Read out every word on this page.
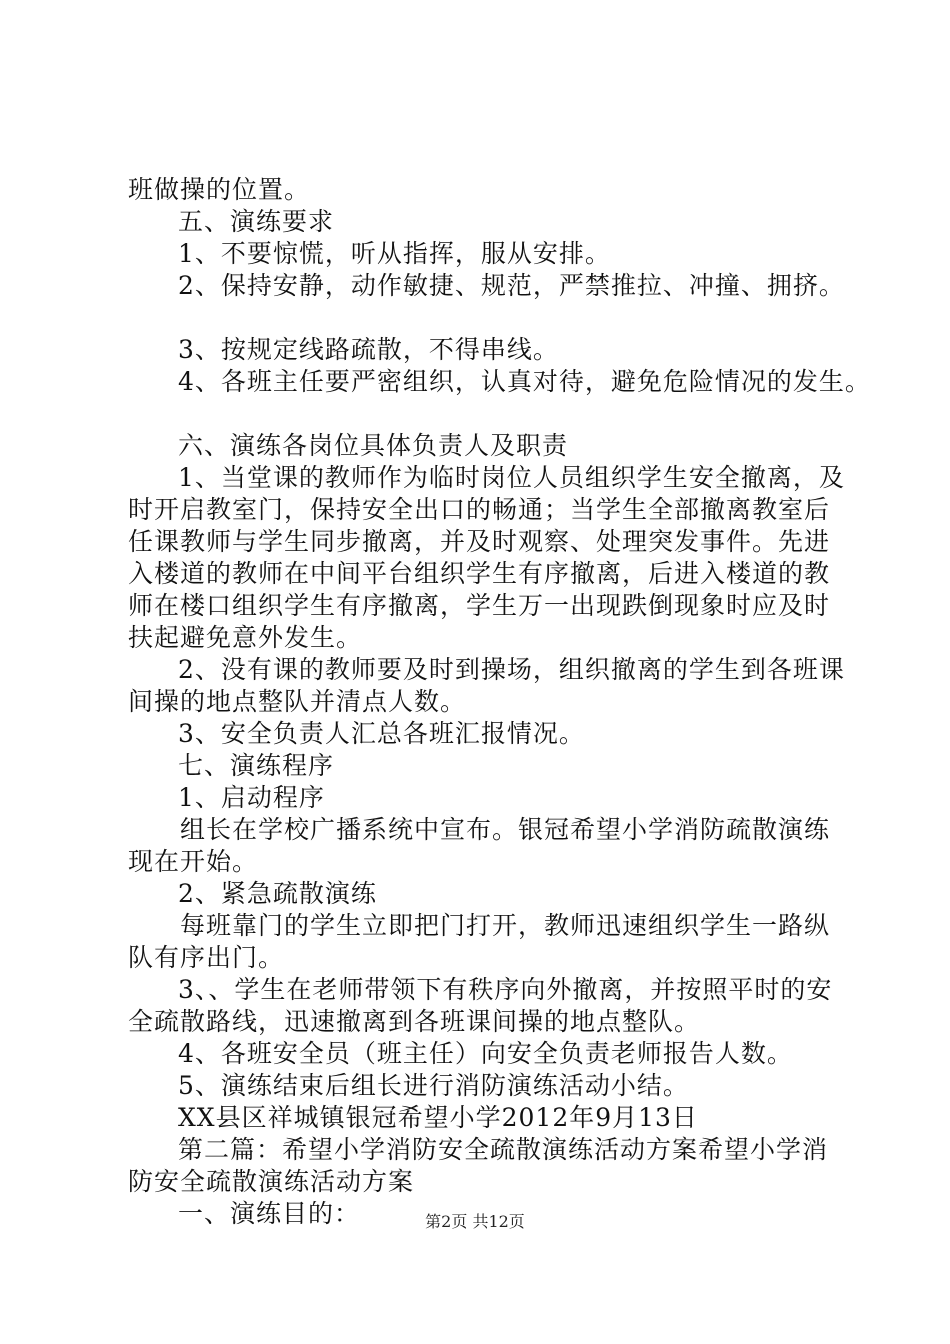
班做操的位置。
五、演练要求
1、不要惊慌，听从指挥，服从安排。
2、保持安静，动作敏捷、规范，严禁推拉、冲撞、拥挤。
3、按规定线路疏散，不得串线。
4、各班主任要严密组织，认真对待，避免危险情况的发生。
六、演练各岗位具体负责人及职责
1、当堂课的教师作为临时岗位人员组织学生安全撤离，及
时开启教室门，保持安全出口的畅通；当学生全部撤离教室后
任课教师与学生同步撤离，并及时观察、处理突发事件。先进
入楼道的教师在中间平台组织学生有序撤离，后进入楼道的教
师在楼口组织学生有序撤离，学生万一出现跌倒现象时应及时
扶起避免意外发生。
2、没有课的教师要及时到操场，组织撤离的学生到各班课
间操的地点整队并清点人数。
3、安全负责人汇总各班汇报情况。
七、演练程序
1、启动程序
组长在学校广播系统中宣布。银冠希望小学消防疏散演练
现在开始。
2、紧急疏散演练
每班靠门的学生立即把门打开，教师迅速组织学生一路纵
队有序出门。
3、、学生在老师带领下有秩序向外撤离，并按照平时的安
全疏散路线，迅速撤离到各班课间操的地点整队。
4、各班安全员（班主任）向安全负责老师报告人数。
5、演练结束后组长进行消防演练活动小结。
XX县区祥城镇银冠希望小学2012年9月13日
第二篇：希望小学消防安全疏散演练活动方案希望小学消
防安全疏散演练活动方案
一、演练目的：	第2页 共12页
